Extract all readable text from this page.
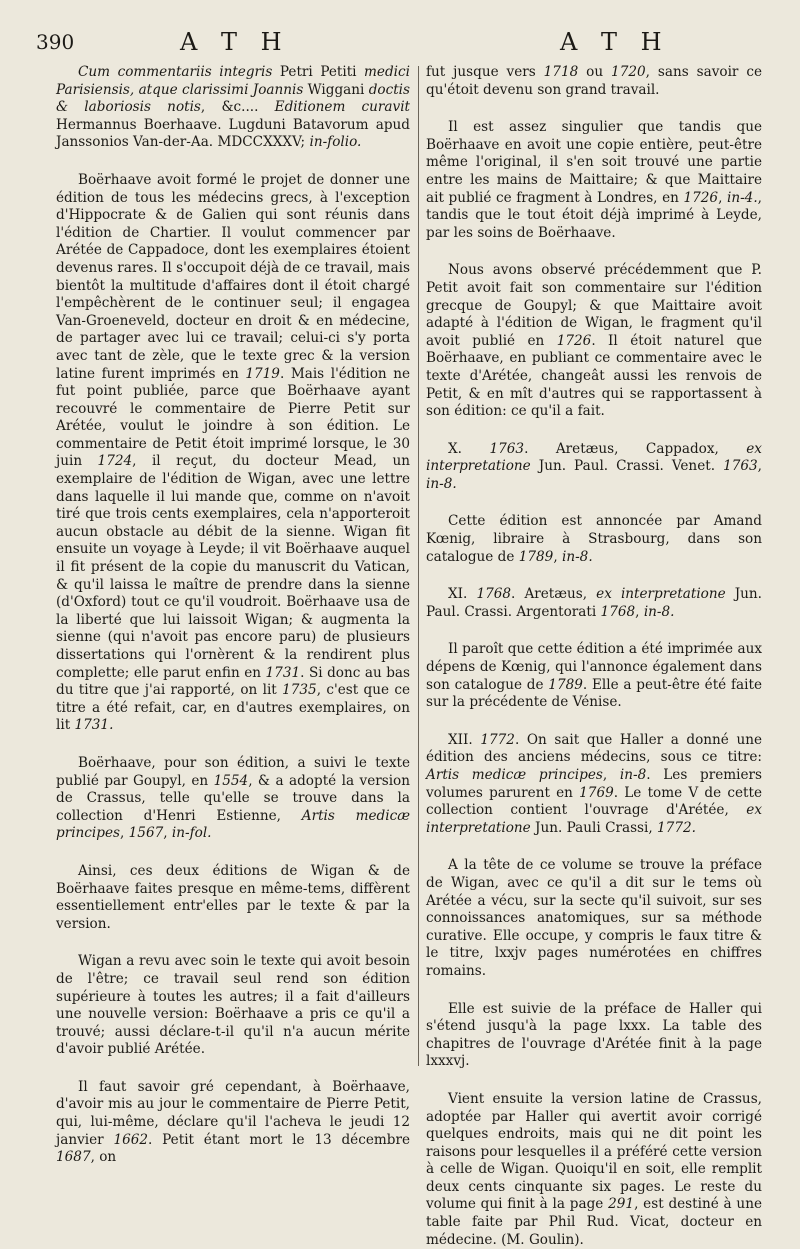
390	A T H	A T H

Cum commentariis integris Petri Petiti medici Parisiensis, atque clarissimi Joannis Wiggani doctis & laboriosis notis, &c.... Editionem curavit Hermannus Boerhaave. Lugduni Batavorum apud Janssonios Van-der-Aa. MDCCXXXV; in-folio.

Boërhaave avoit formé le projet de donner une édition de tous les médecins grecs, à l'exception d'Hippocrate & de Galien qui sont réunis dans l'édition de Chartier. Il voulut commencer par Arétée de Cappadoce, dont les exemplaires étoient devenus rares. Il s'occupoit déjà de ce travail, mais bientôt la multitude d'affaires dont il étoit chargé l'empêchèrent de le continuer seul; il engagea Van-Groeneveld, docteur en droit & en médecine, de partager avec lui ce travail; celui-ci s'y porta avec tant de zèle, que le texte grec & la version latine furent imprimés en 1719. Mais l'édition ne fut point publiée, parce que Boërhaave ayant recouvré le commentaire de Pierre Petit sur Arétée, voulut le joindre à son édition. Le commentaire de Petit étoit imprimé lorsque, le 30 juin 1724, il reçut, du docteur Mead, un exemplaire de l'édition de Wigan, avec une lettre dans laquelle il lui mande que, comme on n'avoit tiré que trois cents exemplaires, cela n'apporteroit aucun obstacle au débit de la sienne. Wigan fit ensuite un voyage à Leyde; il vit Boërhaave auquel il fit présent de la copie du manuscrit du Vatican, & qu'il laissa le maître de prendre dans la sienne (d'Oxford) tout ce qu'il voudroit. Boërhaave usa de la liberté que lui laissoit Wigan; & augmenta la sienne (qui n'avoit pas encore paru) de plusieurs dissertations qui l'ornèrent & la rendirent plus complette; elle parut enfin en 1731. Si donc au bas du titre que j'ai rapporté, on lit 1735, c'est que ce titre a été refait, car, en d'autres exemplaires, on lit 1731.

Boërhaave, pour son édition, a suivi le texte publié par Goupyl, en 1554, & a adopté la version de Crassus, telle qu'elle se trouve dans la collection d'Henri Estienne, Artis medicæ principes, 1567, in-fol.

Ainsi, ces deux éditions de Wigan & de Boërhaave faites presque en même-tems, diffèrent essentiellement entr'elles par le texte & par la version.

Wigan a revu avec soin le texte qui avoit besoin de l'être; ce travail seul rend son édition supérieure à toutes les autres; il a fait d'ailleurs une nouvelle version: Boërhaave a pris ce qu'il a trouvé; aussi déclare-t-il qu'il n'a aucun mérite d'avoir publié Arétée.

Il faut savoir gré cependant, à Boërhaave, d'avoir mis au jour le commentaire de Pierre Petit, qui, lui-même, déclare qu'il l'acheva le jeudi 12 janvier 1662. Petit étant mort le 13 décembre 1687, on

fut jusque vers 1718 ou 1720, sans savoir ce qu'étoit devenu son grand travail.

Il est assez singulier que tandis que Boërhaave en avoit une copie entière, peut-être même l'original, il s'en soit trouvé une partie entre les mains de Maittaire; & que Maittaire ait publié ce fragment à Londres, en 1726, in-4., tandis que le tout étoit déjà imprimé à Leyde, par les soins de Boërhaave.

Nous avons observé précédemment que P. Petit avoit fait son commentaire sur l'édition grecque de Goupyl; & que Maittaire avoit adapté à l'édition de Wigan, le fragment qu'il avoit publié en 1726. Il étoit naturel que Boërhaave, en publiant ce commentaire avec le texte d'Arétée, changeât aussi les renvois de Petit, & en mît d'autres qui se rapportassent à son édition: ce qu'il a fait.

X. 1763. Aretæus, Cappadox, ex interpretatione Jun. Paul. Crassi. Venet. 1763, in-8.

Cette édition est annoncée par Amand Kœnig, libraire à Strasbourg, dans son catalogue de 1789, in-8.

XI. 1768. Aretæus, ex interpretatione Jun. Paul. Crassi. Argentorati 1768, in-8.

Il paroît que cette édition a été imprimée aux dépens de Kœnig, qui l'annonce également dans son catalogue de 1789. Elle a peut-être été faite sur la précédente de Vénise.

XII. 1772. On sait que Haller a donné une édition des anciens médecins, sous ce titre: Artis medicæ principes, in-8. Les premiers volumes parurent en 1769. Le tome V de cette collection contient l'ouvrage d'Arétée, ex interpretatione Jun. Pauli Crassi, 1772.

A la tête de ce volume se trouve la préface de Wigan, avec ce qu'il a dit sur le tems où Arétée a vécu, sur la secte qu'il suivoit, sur ses connoissances anatomiques, sur sa méthode curative. Elle occupe, y compris le faux titre & le titre, lxxjv pages numérotées en chiffres romains.

Elle est suivie de la préface de Haller qui s'étend jusqu'à la page lxxx. La table des chapitres de l'ouvrage d'Arétée finit à la page lxxxvj.

Vient ensuite la version latine de Crassus, adoptée par Haller qui avertit avoir corrigé quelques endroits, mais qui ne dit point les raisons pour lesquelles il a préféré cette version à celle de Wigan. Quoiqu'il en soit, elle remplit deux cents cinquante six pages. Le reste du volume qui finit à la page 291, est destiné à une table faite par Phil Rud. Vicat, docteur en médecine. (M. Goulin).
